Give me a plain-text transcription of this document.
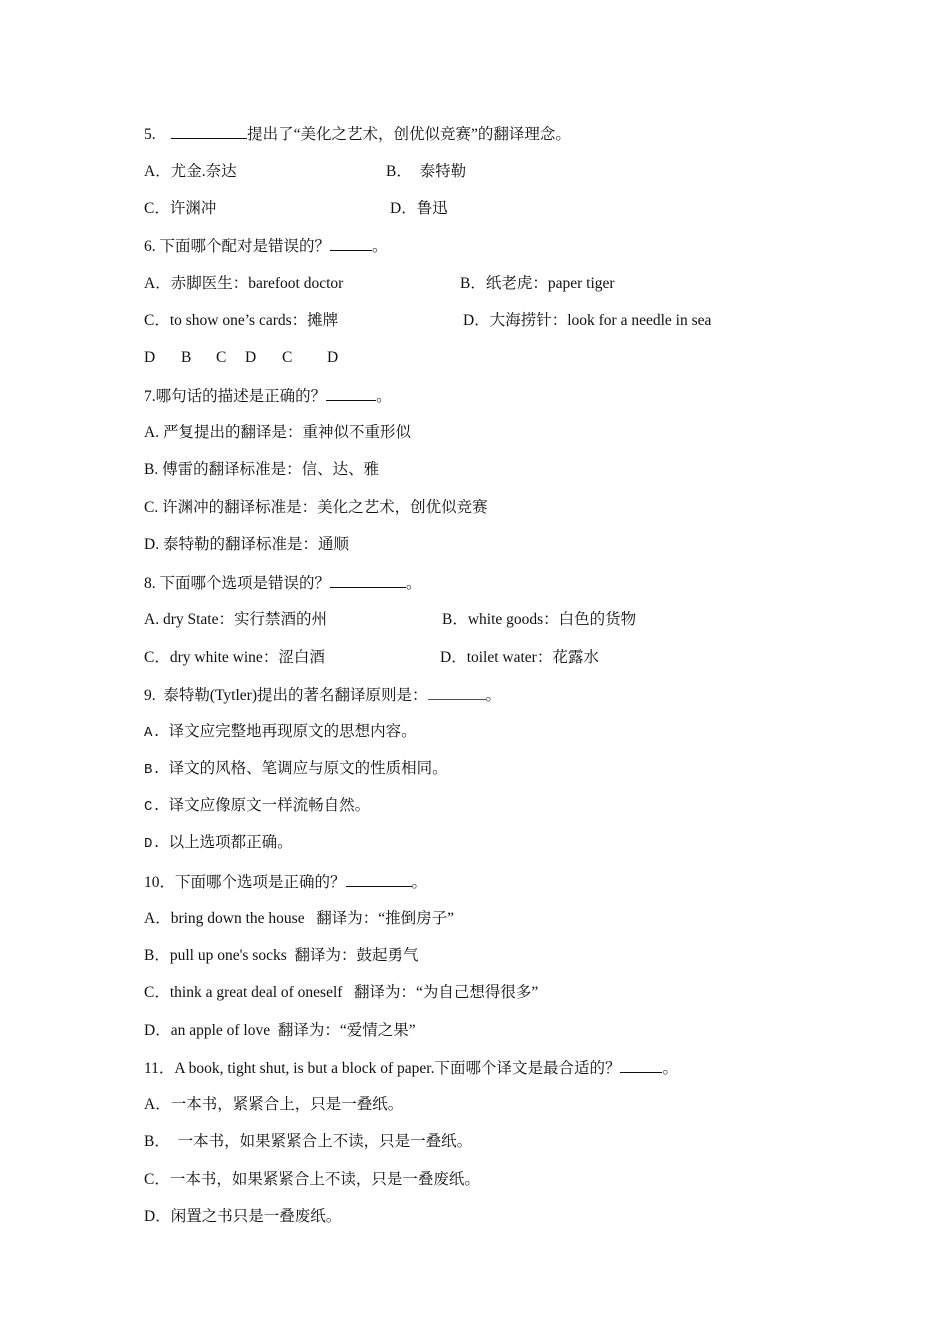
5.	提出了“美化之艺术，创优似竞赛”的翻译理念。
A．尤金.奈达	B．  泰特勒
C．许渊冲	D．鲁迅
6. 下面哪个配对是错误的？	。
A．赤脚医生：barefoot doctor	B．纸老虎：paper tiger
C．to show one’s cards：摊牌	D．大海捞针：look for a needle in sea
D B C D C D
7.哪句话的描述是正确的？	。
A. 严复提出的翻译是：重神似不重形似
B. 傅雷的翻译标准是：信、达、雅
C. 许渊冲的翻译标准是：美化之艺术，创优似竞赛
D. 泰特勒的翻译标准是：通顺
8. 下面哪个选项是错误的？	。
A. dry State：实行禁酒的州	B．white goods：白色的货物
C．dry white wine：涩白酒	D．toilet water：花露水
9.  泰特勒(Tytler)提出的著名翻译原则是：	。
A. 译文应完整地再现原文的思想内容。
B. 译文的风格、笔调应与原文的性质相同。
C. 译文应像原文一样流畅自然。
D. 以上选项都正确。
10．下面哪个选项是正确的？	。
A．bring down the house   翻译为：“推倒房子”
B．pull up one's socks  翻译为：鼓起勇气
C．think a great deal of oneself   翻译为：“为自己想得很多”
D．an apple of love  翻译为：“爱情之果”
11．A book, tight shut, is but a block of paper.下面哪个译文是最合适的？	。
A．一本书，紧紧合上，只是一叠纸。
B．  一本书，如果紧紧合上不读，只是一叠纸。
C．一本书，如果紧紧合上不读，只是一叠废纸。
D．闲置之书只是一叠废纸。
